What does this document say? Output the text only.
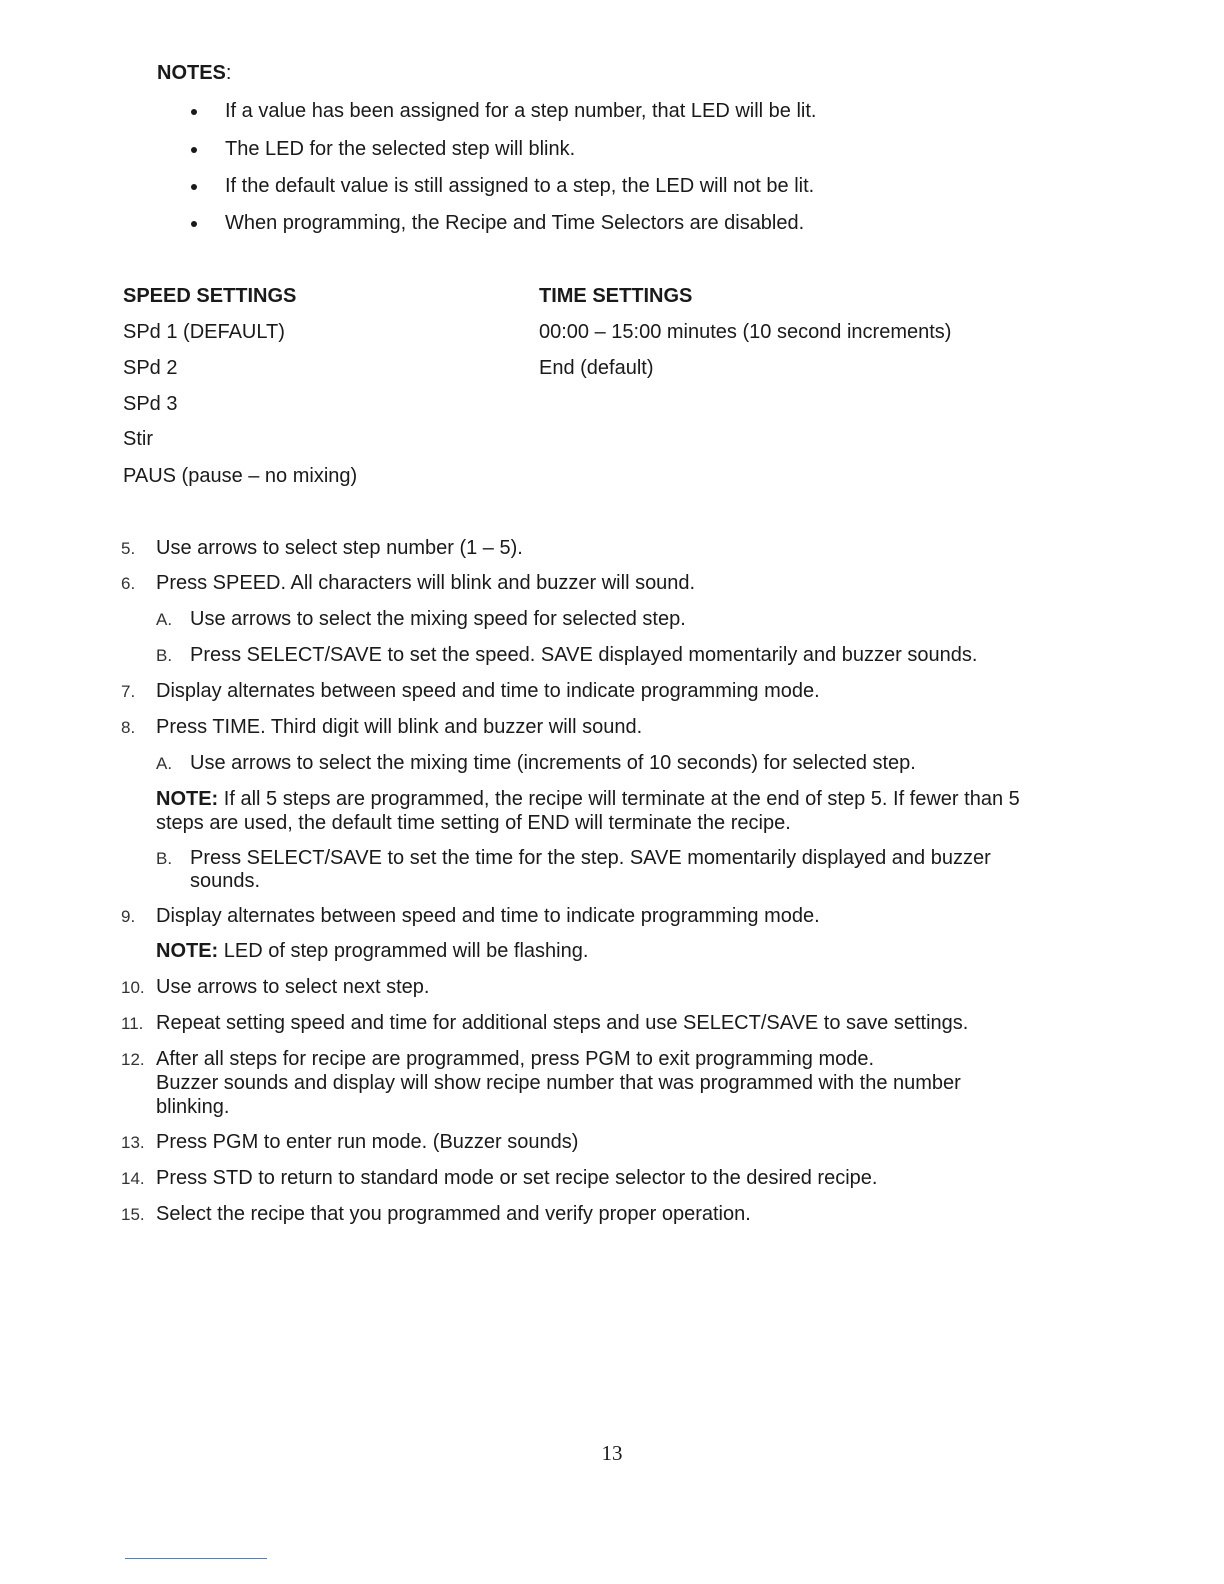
NOTES:
If a value has been assigned for a step number, that LED will be lit.
The LED for the selected step will blink.
If the default value is still assigned to a step, the LED will not be lit.
When programming, the Recipe and Time Selectors are disabled.
SPEED SETTINGS
SPd 1 (DEFAULT)
SPd 2
SPd 3
Stir
PAUS (pause – no mixing)
TIME SETTINGS
00:00 – 15:00 minutes (10 second increments)
End (default)
5. Use arrows to select step number (1 – 5).
6. Press SPEED. All characters will blink and buzzer will sound.
A. Use arrows to select the mixing speed for selected step.
B. Press SELECT/SAVE to set the speed. SAVE displayed momentarily and buzzer sounds.
7. Display alternates between speed and time to indicate programming mode.
8. Press TIME. Third digit will blink and buzzer will sound.
A. Use arrows to select the mixing time (increments of 10 seconds) for selected step.
NOTE: If all 5 steps are programmed, the recipe will terminate at the end of step 5. If fewer than 5
steps are used, the default time setting of END will terminate the recipe.
B. Press SELECT/SAVE to set the time for the step. SAVE momentarily displayed and buzzer
sounds.
9. Display alternates between speed and time to indicate programming mode.
NOTE: LED of step programmed will be flashing.
10. Use arrows to select next step.
11. Repeat setting speed and time for additional steps and use SELECT/SAVE to save settings.
12. After all steps for recipe are programmed, press PGM to exit programming mode.
Buzzer sounds and display will show recipe number that was programmed with the number
blinking.
13. Press PGM to enter run mode. (Buzzer sounds)
14. Press STD to return to standard mode or set recipe selector to the desired recipe.
15. Select the recipe that you programmed and verify proper operation.
13
